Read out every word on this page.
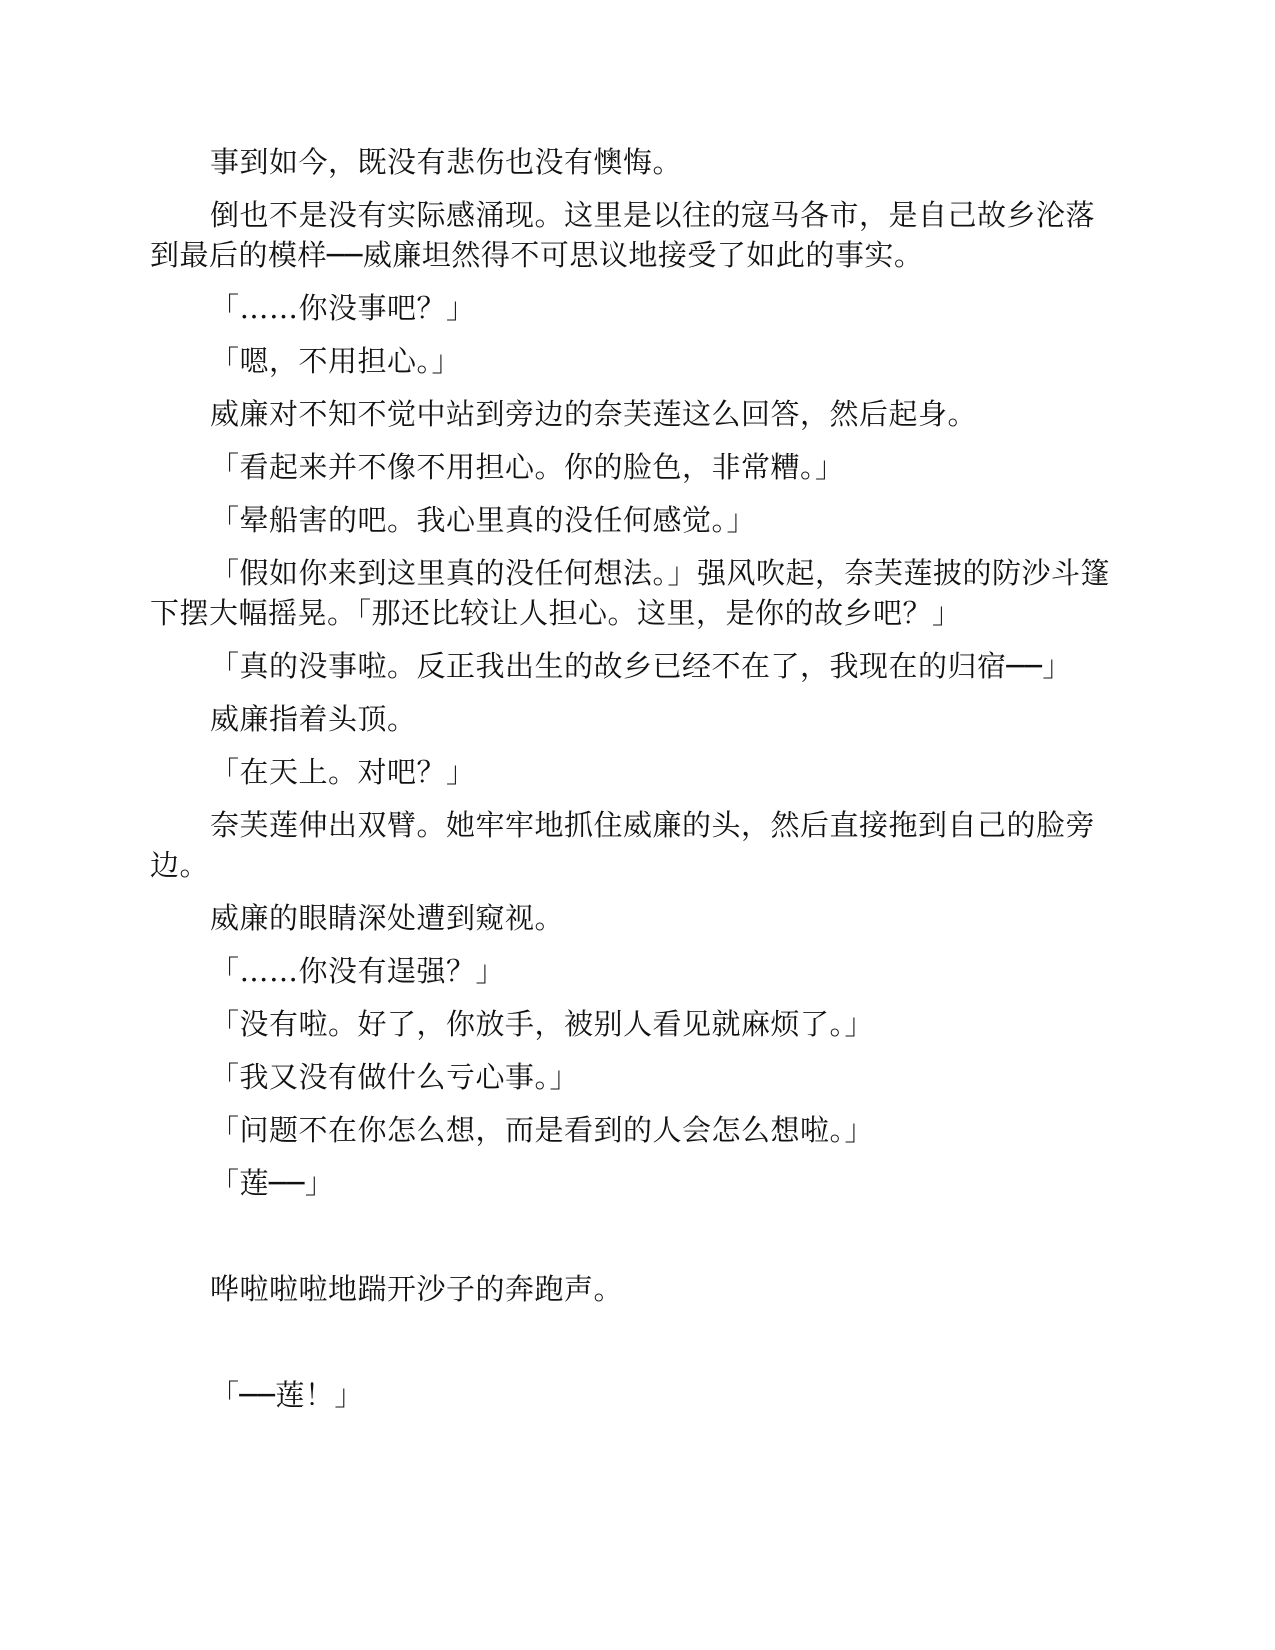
事到如今，既没有悲伤也没有懊悔。

倒也不是没有实际感涌现。这里是以往的寇马各市，是自己故乡沦落到最后的模样──威廉坦然得不可思议地接受了如此的事实。

「……你没事吧？」

「嗯，不用担心。」

威廉对不知不觉中站到旁边的奈芙莲这么回答，然后起身。

「看起来并不像不用担心。你的脸色，非常糟。」

「晕船害的吧。我心里真的没任何感觉。」

「假如你来到这里真的没任何想法。」强风吹起，奈芙莲披的防沙斗篷下摆大幅摇晃。「那还比较让人担心。这里，是你的故乡吧？」

「真的没事啦。反正我出生的故乡已经不在了，我现在的归宿──」

威廉指着头顶。

「在天上。对吧？」

奈芙莲伸出双臂。她牢牢地抓住威廉的头，然后直接拖到自己的脸旁边。

威廉的眼睛深处遭到窥视。

「……你没有逞强？」

「没有啦。好了，你放手，被别人看见就麻烦了。」

「我又没有做什么亏心事。」

「问题不在你怎么想，而是看到的人会怎么想啦。」

「莲──」

哗啦啦啦地踹开沙子的奔跑声。

「──莲！」
